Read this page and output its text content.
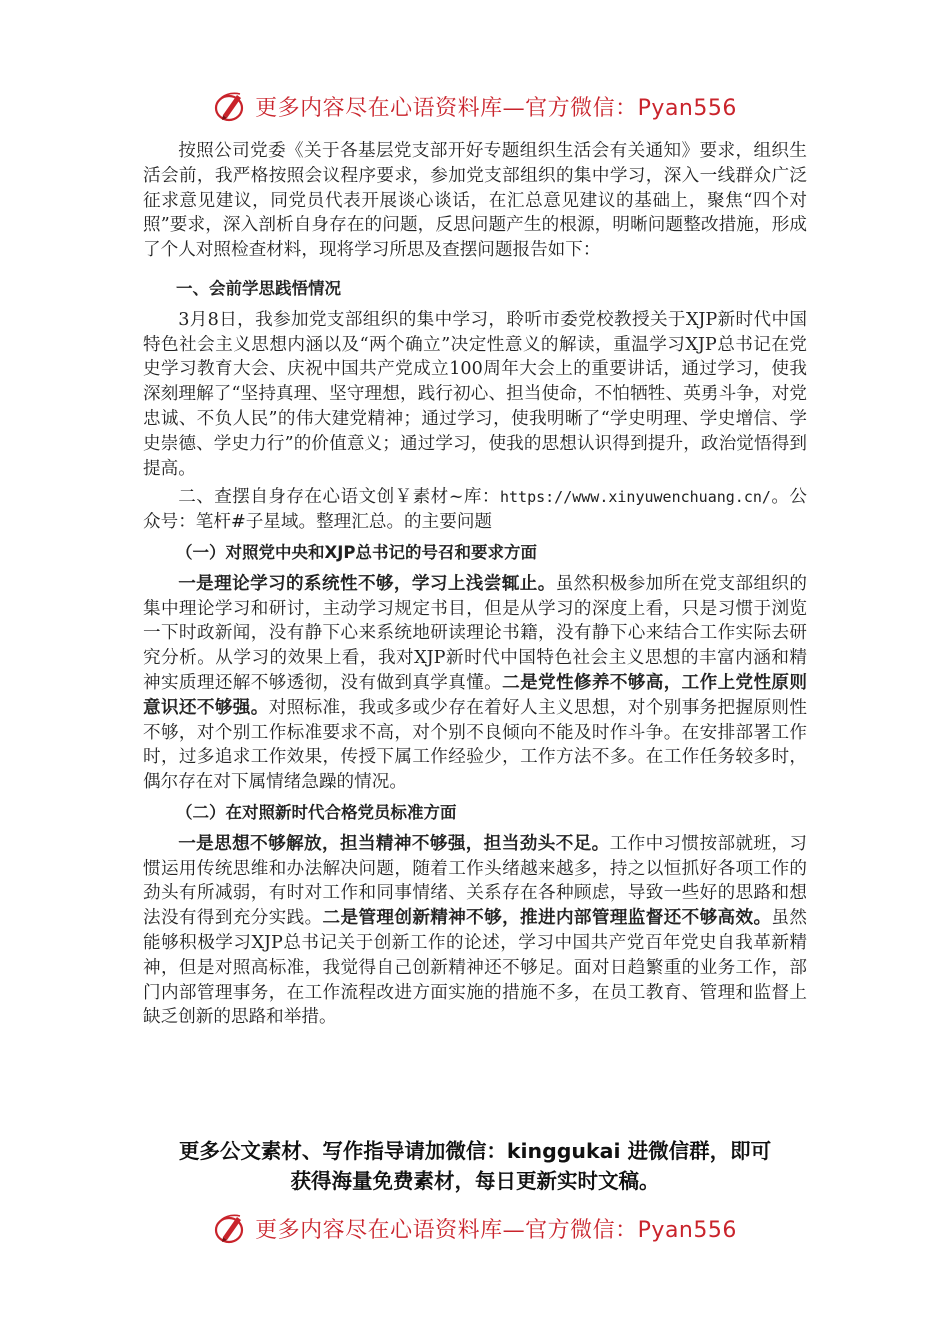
更多内容尽在心语资料库—官方微信：Pyan556

按照公司党委《关于各基层党支部开好专题组织生活会有关通知》要求，组织生活会前，我严格按照会议程序要求，参加党支部组织的集中学习，深入一线群众广泛征求意见建议，同党员代表开展谈心谈话，在汇总意见建议的基础上，聚焦“四个对照”要求，深入剖析自身存在的问题，反思问题产生的根源，明晰问题整改措施，形成了个人对照检查材料，现将学习所思及查摆问题报告如下：

一、会前学思践悟情况

3月8日，我参加党支部组织的集中学习，聆听市委党校教授关于XJP新时代中国特色社会主义思想内涵以及“两个确立”决定性意义的解读，重温学习XJP总书记在党史学习教育大会、庆祝中国共产党成立100周年大会上的重要讲话，通过学习，使我深刻理解了“坚持真理、坚守理想，践行初心、担当使命，不怕牺牲、英勇斗争，对党忠诚、不负人民”的伟大建党精神；通过学习，使我明晰了“学史明理、学史增信、学史崇德、学史力行”的价值意义；通过学习，使我的思想认识得到提升，政治觉悟得到提高。

二、查摆自身存在心语文创￥素材~库：https://www.xinyuwenchuang.cn/。公众号：笔杆#子星域。整理汇总。的主要问题

（一）对照党中央和XJP总书记的号召和要求方面

一是理论学习的系统性不够，学习上浅尝辄止。虽然积极参加所在党支部组织的集中理论学习和研讨，主动学习规定书目，但是从学习的深度上看，只是习惯于浏览一下时政新闻，没有静下心来系统地研读理论书籍，没有静下心来结合工作实际去研究分析。从学习的效果上看，我对XJP新时代中国特色社会主义思想的丰富内涵和精神实质理还解不够透彻，没有做到真学真懂。二是党性修养不够高，工作上党性原则意识还不够强。对照标准，我或多或少存在着好人主义思想，对个别事务把握原则性不够，对个别工作标准要求不高，对个别不良倾向不能及时作斗争。在安排部署工作时，过多追求工作效果，传授下属工作经验少，工作方法不多。在工作任务较多时，偶尔存在对下属情绪急躁的情况。

（二）在对照新时代合格党员标准方面

一是思想不够解放，担当精神不够强，担当劲头不足。工作中习惯按部就班，习惯运用传统思维和办法解决问题，随着工作头绪越来越多，持之以恒抓好各项工作的劲头有所减弱，有时对工作和同事情绪、关系存在各种顾虑，导致一些好的思路和想法没有得到充分实践。二是管理创新精神不够，推进内部管理监督还不够高效。虽然能够积极学习XJP总书记关于创新工作的论述，学习中国共产党百年党史自我革新精神，但是对照高标准，我觉得自己创新精神还不够足。面对日趋繁重的业务工作，部门内部管理事务，在工作流程改进方面实施的措施不多，在员工教育、管理和监督上缺乏创新的思路和举措。

更多公文素材、写作指导请加微信：kinggukai 进微信群，即可
获得海量免费素材，每日更新实时文稿。
更多内容尽在心语资料库—官方微信：Pyan556
